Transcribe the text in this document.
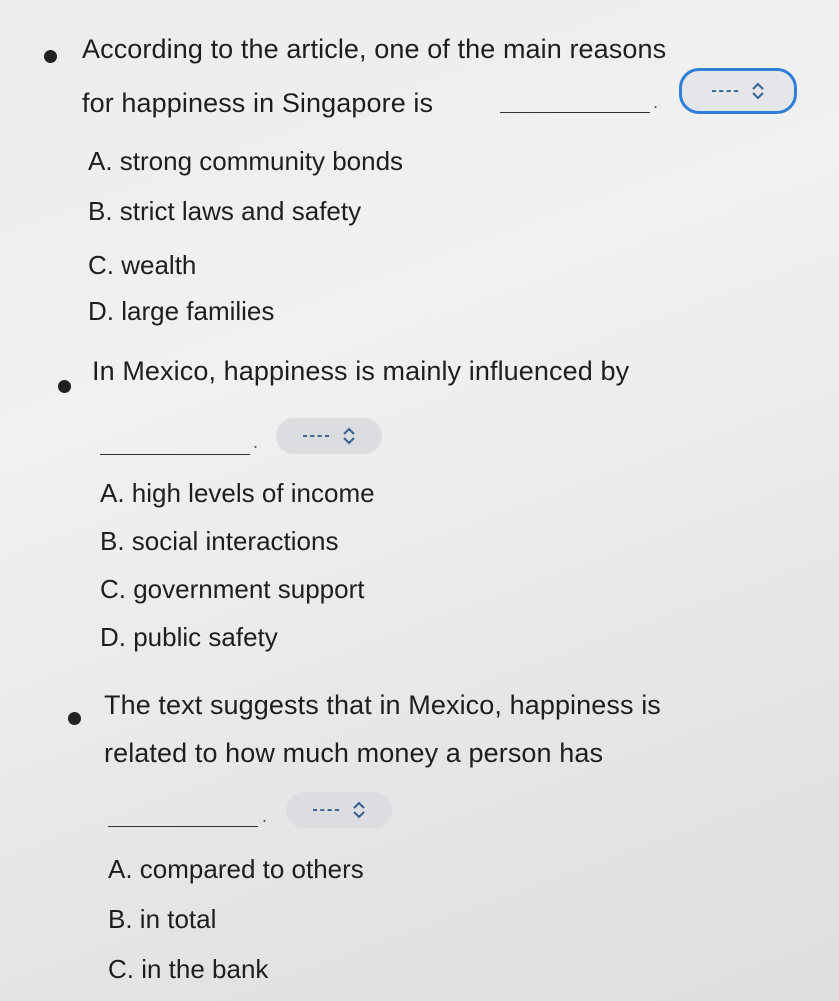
According to the article, one of the main reasons
for happiness in Singapore is	.
----
A. strong community bonds
B. strict laws and safety
C. wealth
D. large families
In Mexico, happiness is mainly influenced by
.	----
A. high levels of income
B. social interactions
C. government support
D. public safety
The text suggests that in Mexico, happiness is
related to how much money a person has
.	----
A. compared to others
B. in total
C. in the bank
